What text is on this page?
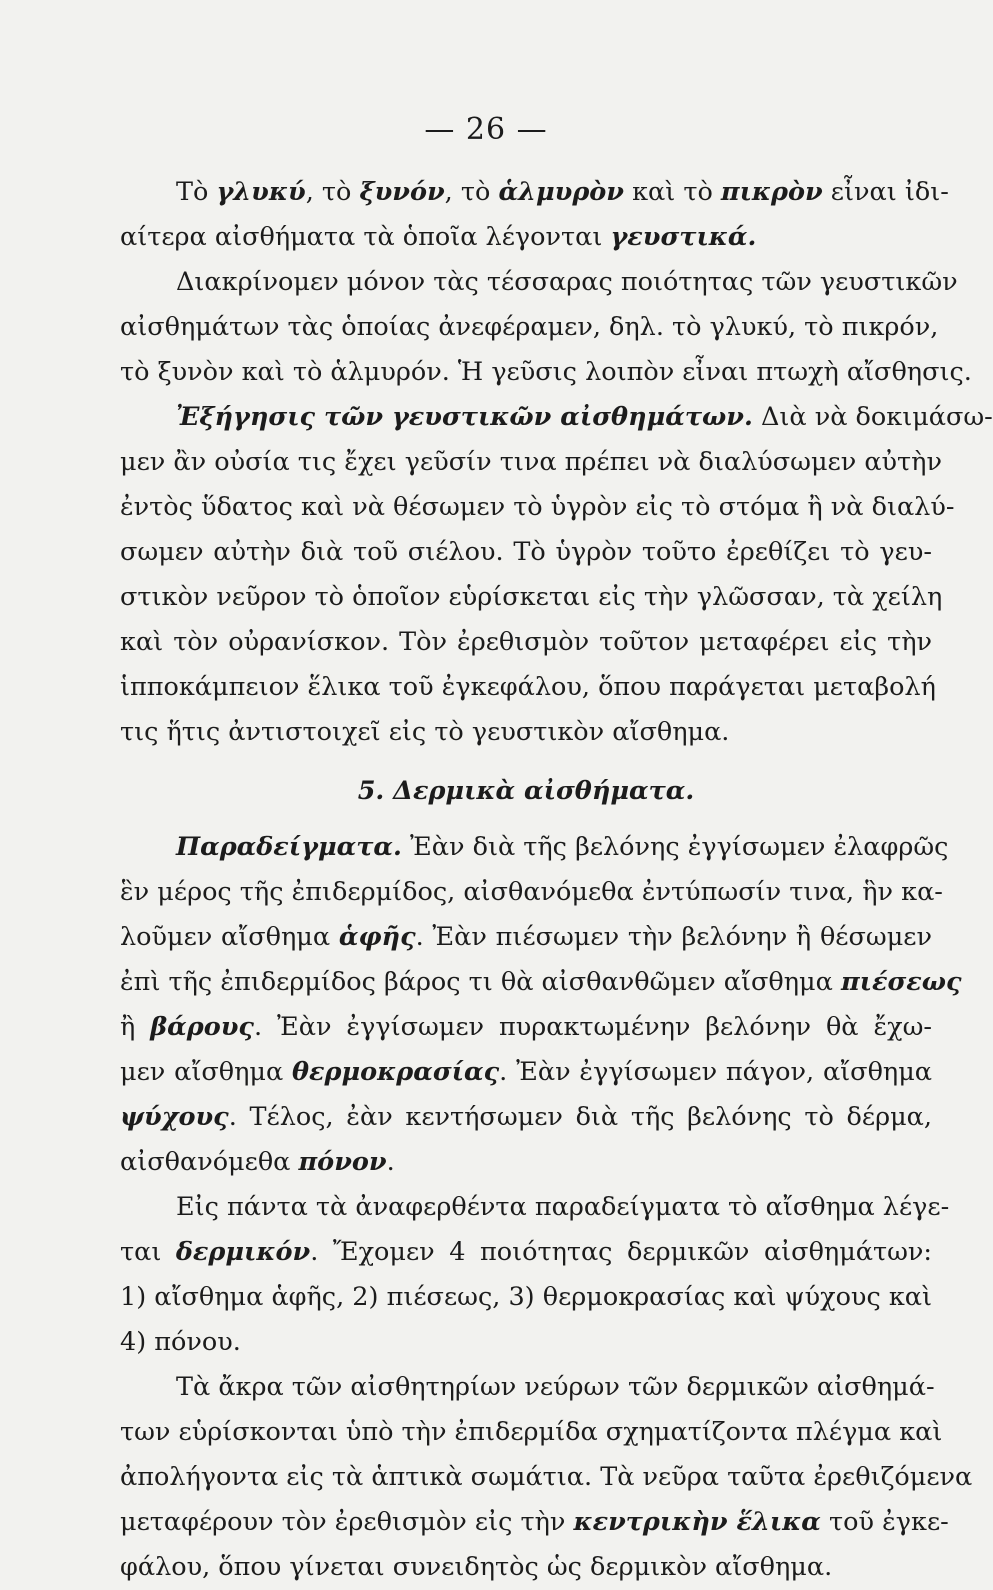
— 26 —
Τὸ γλυκύ, τὸ ξυνόν, τὸ ἁλμυρὸν καὶ τὸ πικρὸν εἶναι ἰδι-
αίτερα αἰσθήματα τὰ ὁποῖα λέγονται γευστικά.
Διακρίνομεν μόνον τὰς τέσσαρας ποιότητας τῶν γευστικῶν
αἰσθημάτων τὰς ὁποίας ἀνεφέραμεν, δηλ. τὸ γλυκύ, τὸ πικρόν,
τὸ ξυνὸν καὶ τὸ ἁλμυρόν. Ἡ γεῦσις λοιπὸν εἶναι πτωχὴ αἴσθησις.
Ἐξήγησις τῶν γευστικῶν αἰσθημάτων. Διὰ νὰ δοκιμάσω-
μεν ἂν οὐσία τις ἔχει γεῦσίν τινα πρέπει νὰ διαλύσωμεν αὐτὴν
ἐντὸς ὕδατος καὶ νὰ θέσωμεν τὸ ὑγρὸν εἰς τὸ στόμα ἢ νὰ διαλύ-
σωμεν αὐτὴν διὰ τοῦ σιέλου. Τὸ ὑγρὸν τοῦτο ἐρεθίζει τὸ γευ-
στικὸν νεῦρον τὸ ὁποῖον εὑρίσκεται εἰς τὴν γλῶσσαν, τὰ χείλη
καὶ τὸν οὐρανίσκον. Τὸν ἐρεθισμὸν τοῦτον μεταφέρει εἰς τὴν
ἱπποκάμπειον ἕλικα τοῦ ἐγκεφάλου, ὅπου παράγεται μεταβολή
τις ἥτις ἀντιστοιχεῖ εἰς τὸ γευστικὸν αἴσθημα.
5. Δερμικὰ αἰσθήματα.
Παραδείγματα. Ἐὰν διὰ τῆς βελόνης ἐγγίσωμεν ἐλαφρῶς
ἓν μέρος τῆς ἐπιδερμίδος, αἰσθανόμεθα ἐντύπωσίν τινα, ἣν κα-
λοῦμεν αἴσθημα ἁφῆς. Ἐὰν πιέσωμεν τὴν βελόνην ἢ θέσωμεν
ἐπὶ τῆς ἐπιδερμίδος βάρος τι θὰ αἰσθανθῶμεν αἴσθημα πιέσεως
ἢ βάρους. Ἐὰν ἐγγίσωμεν πυρακτωμένην βελόνην θὰ ἔχω-
μεν αἴσθημα θερμοκρασίας. Ἐὰν ἐγγίσωμεν πάγον, αἴσθημα
ψύχους. Τέλος, ἐὰν κεντήσωμεν διὰ τῆς βελόνης τὸ δέρμα,
αἰσθανόμεθα πόνον.
Εἰς πάντα τὰ ἀναφερθέντα παραδείγματα τὸ αἴσθημα λέγε-
ται δερμικόν. Ἔχομεν 4 ποιότητας δερμικῶν αἰσθημάτων:
1) αἴσθημα ἁφῆς, 2) πιέσεως, 3) θερμοκρασίας καὶ ψύχους καὶ
4) πόνου.
Τὰ ἄκρα τῶν αἰσθητηρίων νεύρων τῶν δερμικῶν αἰσθημά-
των εὑρίσκονται ὑπὸ τὴν ἐπιδερμίδα σχηματίζοντα πλέγμα καὶ
ἀπολήγοντα εἰς τὰ ἁπτικὰ σωμάτια. Τὰ νεῦρα ταῦτα ἐρεθιζόμενα
μεταφέρουν τὸν ἐρεθισμὸν εἰς τὴν κεντρικὴν ἕλικα τοῦ ἐγκε-
φάλου, ὅπου γίνεται συνειδητὸς ὡς δερμικὸν αἴσθημα.
